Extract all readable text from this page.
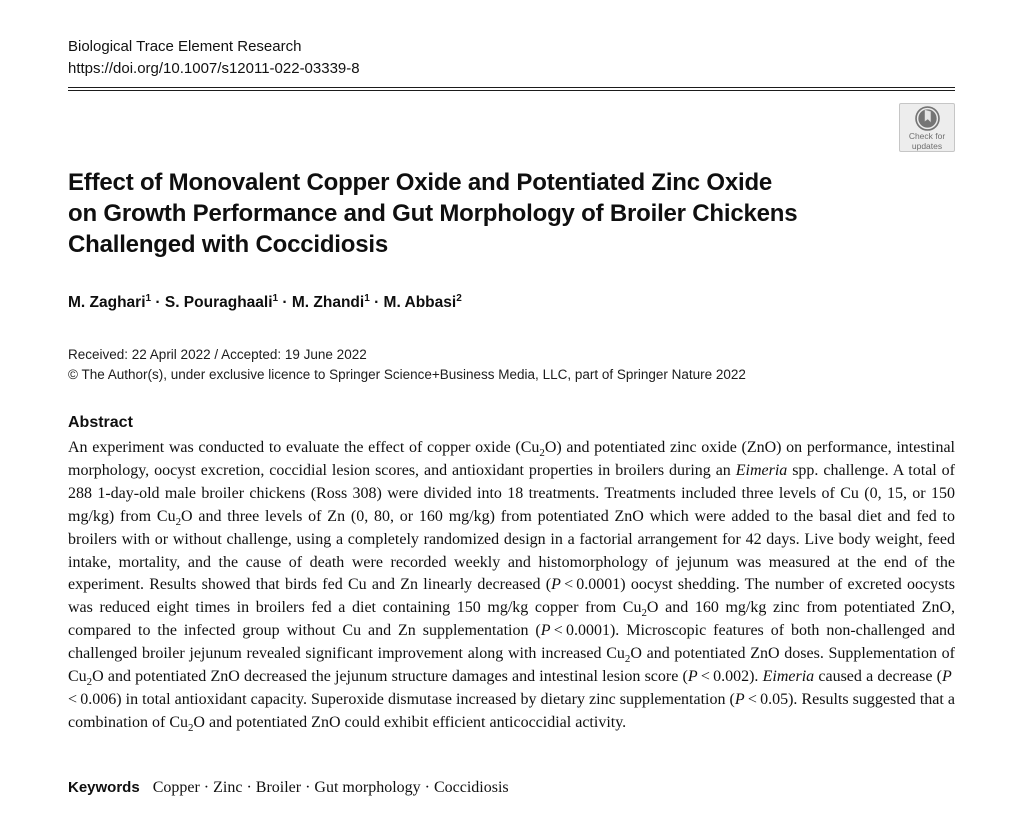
Biological Trace Element Research
https://doi.org/10.1007/s12011-022-03339-8
Check for
updates
Effect of Monovalent Copper Oxide and Potentiated Zinc Oxide
on Growth Performance and Gut Morphology of Broiler Chickens
Challenged with Coccidiosis
M. Zaghari$^1$ · S. Pouraghaali$^1$ · M. Zhandi$^1$ · M. Abbasi$^2$
Received: 22 April 2022 / Accepted: 19 June 2022
© The Author(s), under exclusive licence to Springer Science+Business Media, LLC, part of Springer Nature 2022
Abstract
An experiment was conducted to evaluate the effect of copper oxide $(Cu_2O)$ and potentiated zinc oxide (ZnO) on performance, intestinal morphology, oocyst excretion, coccidial lesion scores, and antioxidant properties in broilers during an Eimeria spp. challenge. A total of 288 1-day-old male broiler chickens (Ross 308) were divided into 18 treatments. Treatments included three levels of Cu (0, 15, or 150 mg/kg) from $Cu_2O$ and three levels of Zn (0, 80, or 160 mg/kg) from potentiated ZnO which were added to the basal diet and fed to broilers with or without challenge, using a completely randomized design in a factorial arrangement for 42 days. Live body weight, feed intake, mortality, and the cause of death were recorded weekly and histomorphology of jejunum was measured at the end of the experiment. Results showed that birds fed Cu and Zn linearly decreased (P < 0.0001) oocyst shedding. The number of excreted oocysts was reduced eight times in broilers fed a diet containing 150 mg/kg copper from $Cu_2O$ and 160 mg/kg zinc from potentiated ZnO, compared to the infected group without Cu and Zn supplementation (P < 0.0001). Microscopic features of both non-challenged and challenged broiler jejunum revealed significant improvement along with increased $Cu_2O$ and potentiated ZnO doses. Supplementation of $Cu_2O$ and potentiated ZnO decreased the jejunum structure damages and intestinal lesion score (P < 0.002). Eimeria caused a decrease (P < 0.006) in total antioxidant capacity. Superoxide dismutase increased by dietary zinc supplementation (P < 0.05). Results suggested that a combination of $Cu_2O$ and potentiated ZnO could exhibit efficient anticoccidial activity.
Keywords Copper · Zinc · Broiler · Gut morphology · Coccidiosis
